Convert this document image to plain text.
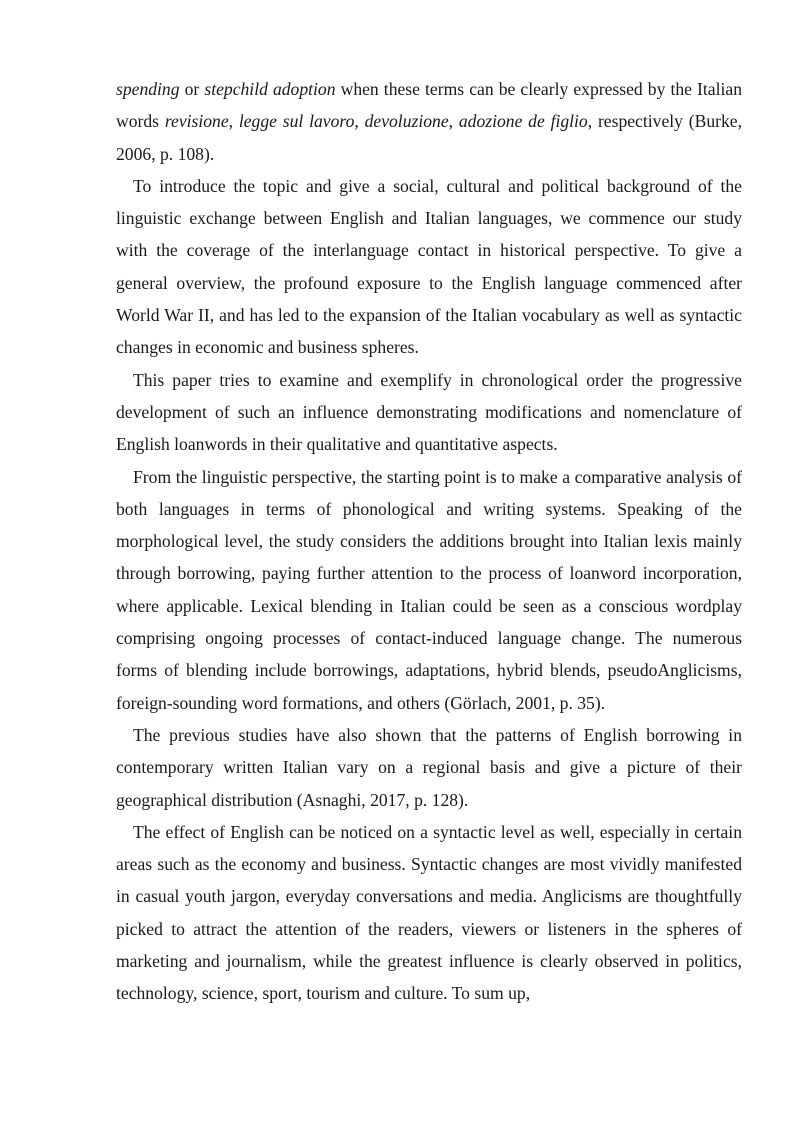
spending or stepchild adoption when these terms can be clearly expressed by the Italian words revisione, legge sul lavoro, devoluzione, adozione de figlio, respectively (Burke, 2006, p. 108).

To introduce the topic and give a social, cultural and political background of the linguistic exchange between English and Italian languages, we commence our study with the coverage of the interlanguage contact in historical perspective. To give a general overview, the profound exposure to the English language commenced after World War II, and has led to the expansion of the Italian vocabulary as well as syntactic changes in economic and business spheres.

This paper tries to examine and exemplify in chronological order the progressive development of such an influence demonstrating modifications and nomenclature of English loanwords in their qualitative and quantitative aspects.

From the linguistic perspective, the starting point is to make a comparative analysis of both languages in terms of phonological and writing systems. Speaking of the morphological level, the study considers the additions brought into Italian lexis mainly through borrowing, paying further attention to the process of loanword incorporation, where applicable. Lexical blending in Italian could be seen as a conscious wordplay comprising ongoing processes of contact-induced language change. The numerous forms of blending include borrowings, adaptations, hybrid blends, pseudoAnglicisms, foreign-sounding word formations, and others (Görlach, 2001, p. 35).

The previous studies have also shown that the patterns of English borrowing in contemporary written Italian vary on a regional basis and give a picture of their geographical distribution (Asnaghi, 2017, p. 128).

The effect of English can be noticed on a syntactic level as well, especially in certain areas such as the economy and business. Syntactic changes are most vividly manifested in casual youth jargon, everyday conversations and media. Anglicisms are thoughtfully picked to attract the attention of the readers, viewers or listeners in the spheres of marketing and journalism, while the greatest influence is clearly observed in politics, technology, science, sport, tourism and culture. To sum up,
